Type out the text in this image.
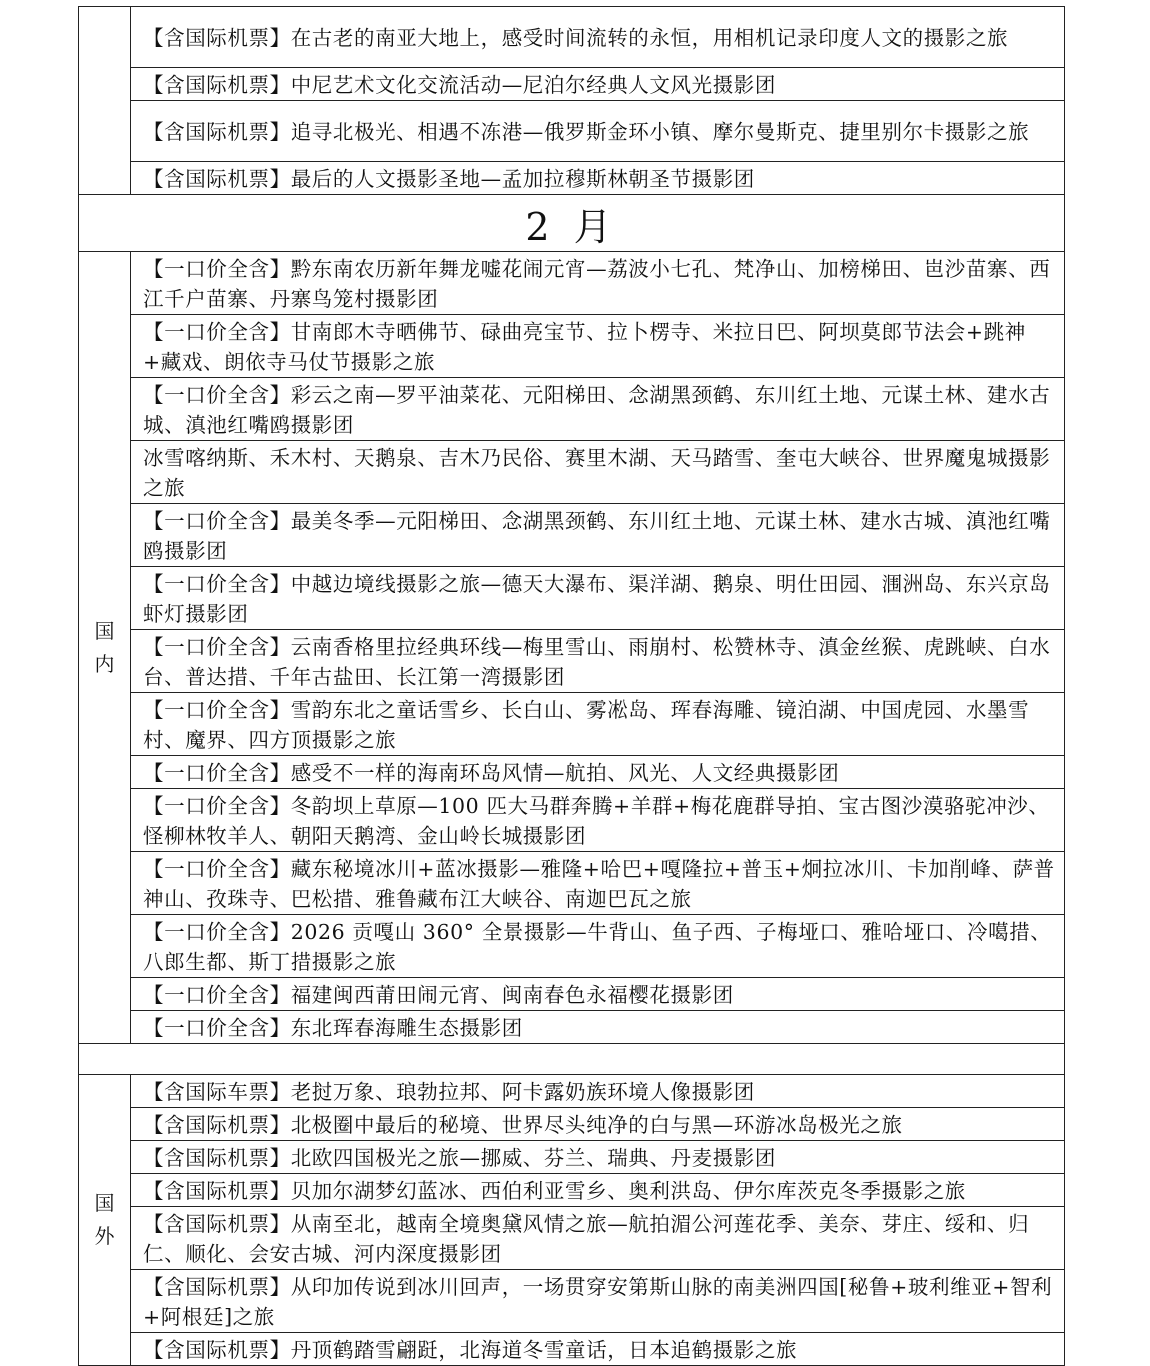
	【含国际机票】在古老的南亚大地上，感受时间流转的永恒，用相机记录印度人文的摄影之旅
	【含国际机票】中尼艺术文化交流活动—尼泊尔经典人文风光摄影团
	【含国际机票】追寻北极光、相遇不冻港—俄罗斯金环小镇、摩尔曼斯克、捷里别尔卡摄影之旅
	【含国际机票】最后的人文摄影圣地—孟加拉穆斯林朝圣节摄影团
2 月	

国
内	【一口价全含】黔东南农历新年舞龙嘘花闹元宵—荔波小七孔、梵净山、加榜梯田、岜沙苗寨、西江千户苗寨、丹寨鸟笼村摄影团
	【一口价全含】甘南郎木寺晒佛节、碌曲亮宝节、拉卜楞寺、米拉日巴、阿坝莫郎节法会+跳神+藏戏、朗依寺马仗节摄影之旅
	【一口价全含】彩云之南—罗平油菜花、元阳梯田、念湖黑颈鹤、东川红土地、元谋土林、建水古城、滇池红嘴鸥摄影团
	冰雪喀纳斯、禾木村、天鹅泉、吉木乃民俗、赛里木湖、天马踏雪、奎屯大峡谷、世界魔鬼城摄影之旅
	【一口价全含】最美冬季—元阳梯田、念湖黑颈鹤、东川红土地、元谋土林、建水古城、滇池红嘴鸥摄影团
	【一口价全含】中越边境线摄影之旅—德天大瀑布、渠洋湖、鹅泉、明仕田园、涠洲岛、东兴京岛虾灯摄影团
	【一口价全含】云南香格里拉经典环线—梅里雪山、雨崩村、松赞林寺、滇金丝猴、虎跳峡、白水台、普达措、千年古盐田、长江第一湾摄影团
	【一口价全含】雪韵东北之童话雪乡、长白山、雾凇岛、珲春海雕、镜泊湖、中国虎园、水墨雪村、魔界、四方顶摄影之旅
	【一口价全含】感受不一样的海南环岛风情—航拍、风光、人文经典摄影团
	【一口价全含】冬韵坝上草原—100 匹大马群奔腾+羊群+梅花鹿群导拍、宝古图沙漠骆驼冲沙、怪柳林牧羊人、朝阳天鹅湾、金山岭长城摄影团
	【一口价全含】藏东秘境冰川+蓝冰摄影—雅隆+哈巴+嘎隆拉+普玉+炯拉冰川、卡加削峰、萨普神山、孜珠寺、巴松措、雅鲁藏布江大峡谷、南迦巴瓦之旅
	【一口价全含】2026 贡嘎山 360° 全景摄影—牛背山、鱼子西、子梅垭口、雅哈垭口、冷噶措、八郎生都、斯丁措摄影之旅
	【一口价全含】福建闽西莆田闹元宵、闽南春色永福樱花摄影团
	【一口价全含】东北珲春海雕生态摄影团

国
外	【含国际车票】老挝万象、琅勃拉邦、阿卡露奶族环境人像摄影团
	【含国际机票】北极圈中最后的秘境、世界尽头纯净的白与黑—环游冰岛极光之旅
	【含国际机票】北欧四国极光之旅—挪威、芬兰、瑞典、丹麦摄影团
	【含国际机票】贝加尔湖梦幻蓝冰、西伯利亚雪乡、奥利洪岛、伊尔库茨克冬季摄影之旅
	【含国际机票】从南至北，越南全境奥黛风情之旅—航拍湄公河莲花季、美奈、芽庄、绥和、归仁、顺化、会安古城、河内深度摄影团
	【含国际机票】从印加传说到冰川回声，一场贯穿安第斯山脉的南美洲四国[秘鲁+玻利维亚+智利+阿根廷]之旅
	【含国际机票】丹顶鹤踏雪翩跹，北海道冬雪童话，日本追鹤摄影之旅
